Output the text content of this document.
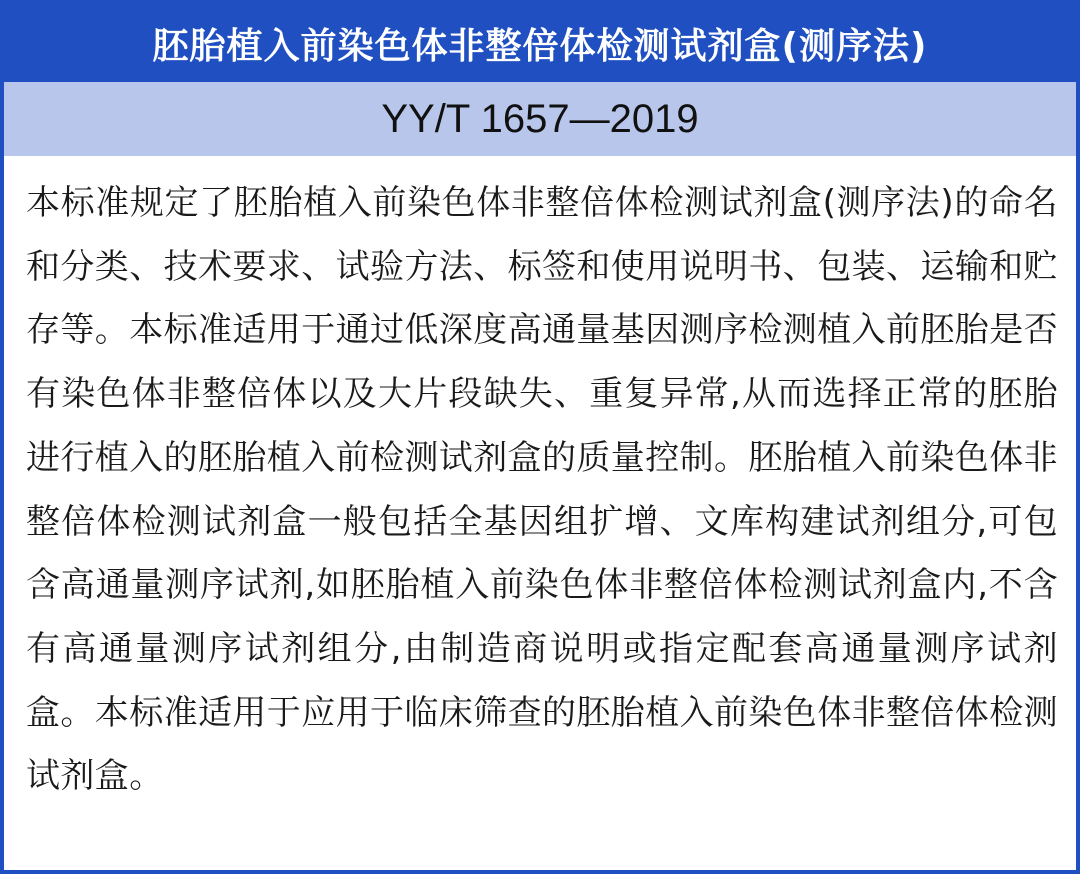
胚胎植入前染色体非整倍体检测试剂盒(测序法)
YY/T 1657—2019

本标准规定了胚胎植入前染色体非整倍体检测试剂盒(测序法)的命名和分类、技术要求、试验方法、标签和使用说明书、包装、运输和贮存等。本标准适用于通过低深度高通量基因测序检测植入前胚胎是否有染色体非整倍体以及大片段缺失、重复异常,从而选择正常的胚胎进行植入的胚胎植入前检测试剂盒的质量控制。胚胎植入前染色体非整倍体检测试剂盒一般包括全基因组扩增、文库构建试剂组分,可包含高通量测序试剂,如胚胎植入前染色体非整倍体检测试剂盒内,不含有高通量测序试剂组分,由制造商说明或指定配套高通量测序试剂盒。本标准适用于应用于临床筛查的胚胎植入前染色体非整倍体检测试剂盒。
